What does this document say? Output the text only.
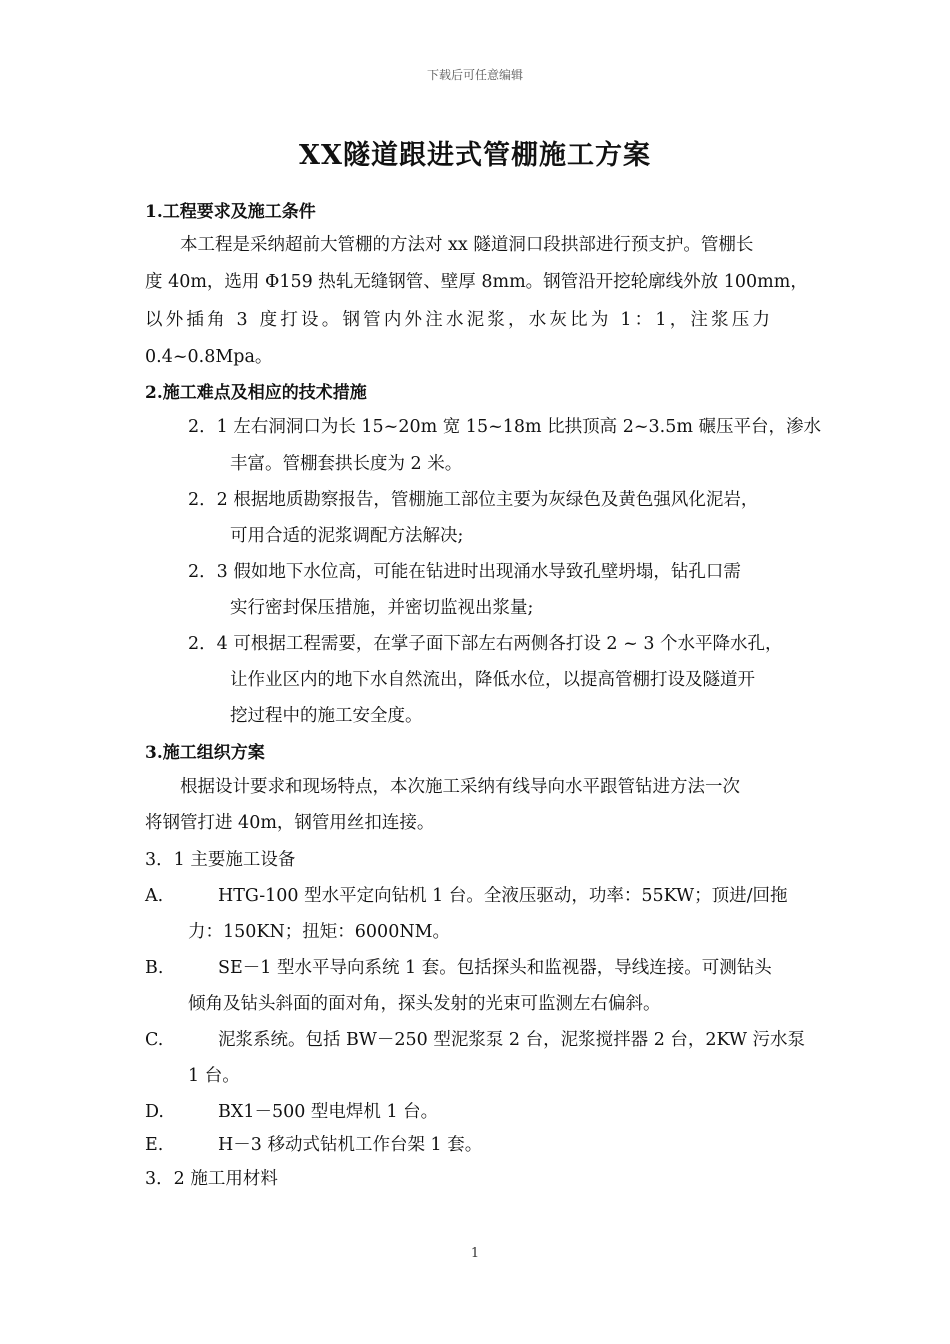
下载后可任意编辑
XX隧道跟进式管棚施工方案
1.工程要求及施工条件
本工程是采纳超前大管棚的方法对 xx 隧道洞口段拱部进行预支护。管棚长
度 40m，选用 Φ159 热轧无缝钢管、壁厚 8mm。钢管沿开挖轮廓线外放 100mm，
以外插角 3 度打设。钢管内外注水泥浆，水灰比为 1：1，注浆压力
0.4~0.8Mpa。
2.施工难点及相应的技术措施
2．1 左右洞洞口为长 15~20m 宽 15~18m 比拱顶高 2~3.5m 碾压平台，渗水
丰富。管棚套拱长度为 2 米。
2．2 根据地质勘察报告，管棚施工部位主要为灰绿色及黄色强风化泥岩，
可用合适的泥浆调配方法解决;
2．3 假如地下水位高，可能在钻进时出现涌水导致孔壁坍塌，钻孔口需
实行密封保压措施，并密切监视出浆量;
2．4 可根据工程需要，在掌子面下部左右两侧各打设 2 ~ 3 个水平降水孔，
让作业区内的地下水自然流出，降低水位，以提高管棚打设及隧道开
挖过程中的施工安全度。
3.施工组织方案
根据设计要求和现场特点，本次施工采纳有线导向水平跟管钻进方法一次
将钢管打进 40m，钢管用丝扣连接。
3．1 主要施工设备
A.	HTG-100 型水平定向钻机 1 台。全液压驱动，功率：55KW；顶进/回拖
力：150KN；扭矩：6000NM。
B.	SE－1 型水平导向系统 1 套。包括探头和监视器，导线连接。可测钻头
倾角及钻头斜面的面对角，探头发射的光束可监测左右偏斜。
C.	泥浆系统。包括 BW－250 型泥浆泵 2 台，泥浆搅拌器 2 台，2KW 污水泵
1 台。
D.	BX1－500 型电焊机 1 台。
E.	H－3 移动式钻机工作台架 1 套。
3．2 施工用材料
1
